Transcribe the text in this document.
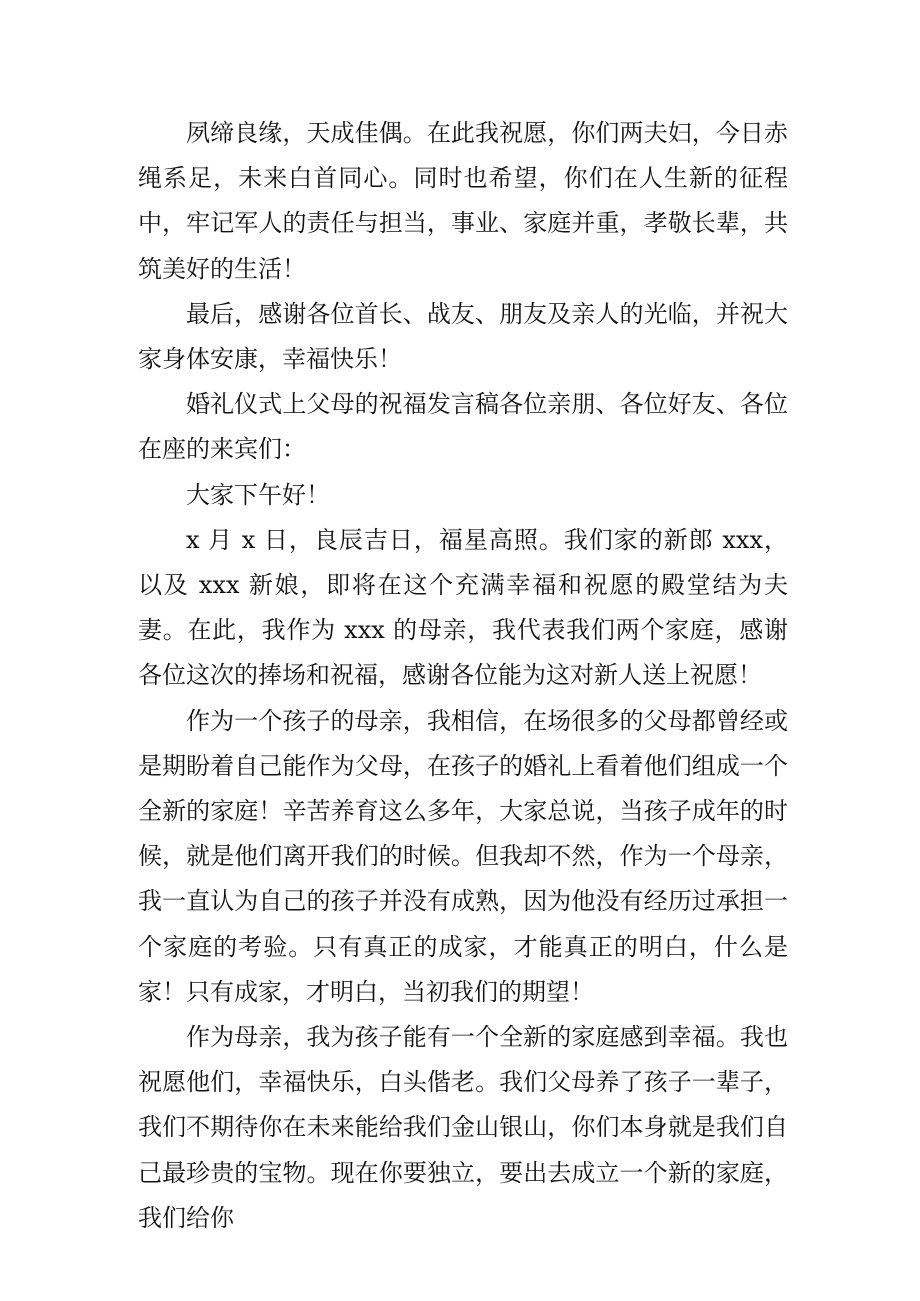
夙缔良缘，天成佳偶。在此我祝愿，你们两夫妇，今日赤绳系足，未来白首同心。同时也希望，你们在人生新的征程中，牢记军人的责任与担当，事业、家庭并重，孝敬长辈，共筑美好的生活！

最后，感谢各位首长、战友、朋友及亲人的光临，并祝大家身体安康，幸福快乐！

婚礼仪式上父母的祝福发言稿各位亲朋、各位好友、各位在座的来宾们：

大家下午好！

x 月 x 日，良辰吉日，福星高照。我们家的新郎 xxx，以及 xxx 新娘，即将在这个充满幸福和祝愿的殿堂结为夫妻。在此，我作为 xxx 的母亲，我代表我们两个家庭，感谢各位这次的捧场和祝福，感谢各位能为这对新人送上祝愿！

作为一个孩子的母亲，我相信，在场很多的父母都曾经或是期盼着自己能作为父母，在孩子的婚礼上看着他们组成一个全新的家庭！辛苦养育这么多年，大家总说，当孩子成年的时候，就是他们离开我们的时候。但我却不然，作为一个母亲，我一直认为自己的孩子并没有成熟，因为他没有经历过承担一个家庭的考验。只有真正的成家，才能真正的明白，什么是家！只有成家，才明白，当初我们的期望！

作为母亲，我为孩子能有一个全新的家庭感到幸福。我也祝愿他们，幸福快乐，白头偕老。我们父母养了孩子一辈子，我们不期待你在未来能给我们金山银山，你们本身就是我们自己最珍贵的宝物。现在你要独立，要出去成立一个新的家庭，我们给你
